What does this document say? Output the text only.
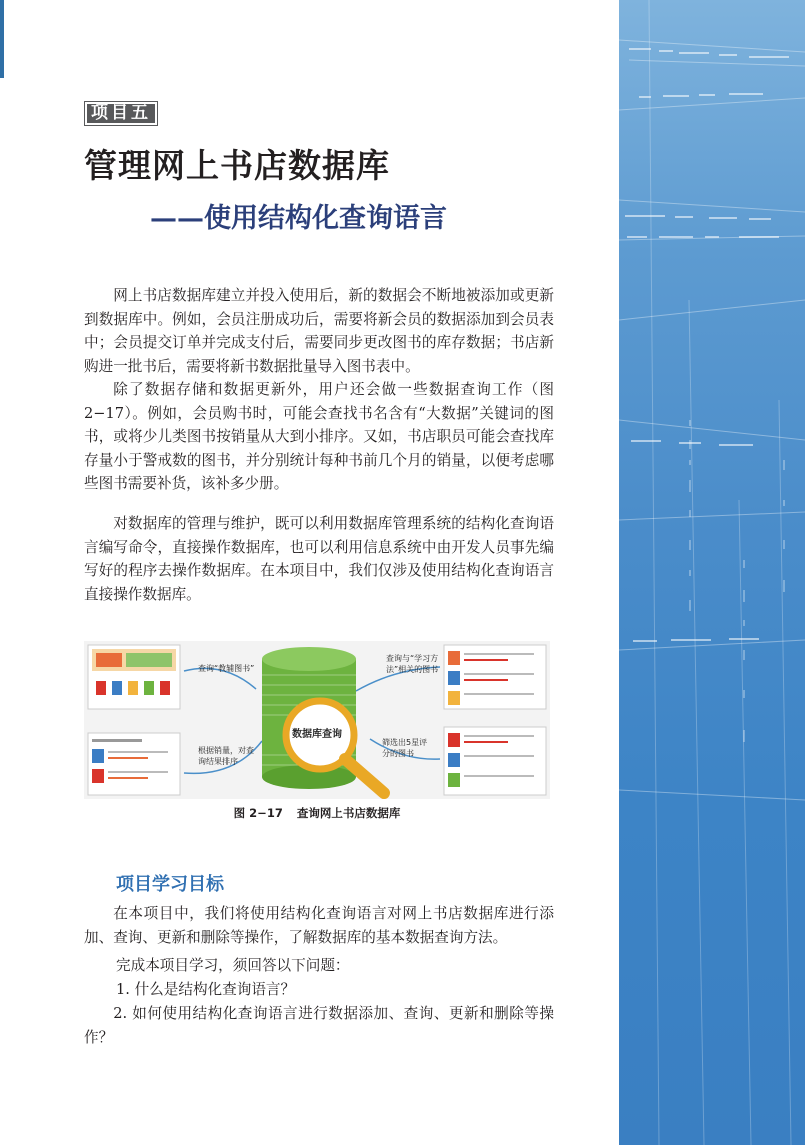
项目五
管理网上书店数据库
——使用结构化查询语言

网上书店数据库建立并投入使用后，新的数据会不断地被添加或更新到数据库中。例如，会员注册成功后，需要将新会员的数据添加到会员表中；会员提交订单并完成支付后，需要同步更改图书的库存数据；书店新购进一批书后，需要将新书数据批量导入图书表中。

除了数据存储和数据更新外，用户还会做一些数据查询工作（图 2−17）。例如，会员购书时，可能会查找书名含有“大数据”关键词的图书，或将少儿类图书按销量从大到小排序。又如，书店职员可能会查找库存量小于警戒数的图书，并分别统计每种书前几个月的销量，以便考虑哪些图书需要补货，该补多少册。

对数据库的管理与维护，既可以利用数据库管理系统的结构化查询语言编写命令，直接操作数据库，也可以利用信息系统中由开发人员事先编写好的程序去操作数据库。在本项目中，我们仅涉及使用结构化查询语言直接操作数据库。

数据库查询
查询“教辅图书”
根据销量，对查询结果排序
查询与“学习方法”相关的图书
筛选出5星评分的图书
图 2−17 查询网上书店数据库
项目学习目标

在本项目中，我们将使用结构化查询语言对网上书店数据库进行添加、查询、更新和删除等操作，了解数据库的基本数据查询方法。

完成本项目学习，须回答以下问题：

1. 什么是结构化查询语言？

2. 如何使用结构化查询语言进行数据添加、查询、更新和删除等操作？
